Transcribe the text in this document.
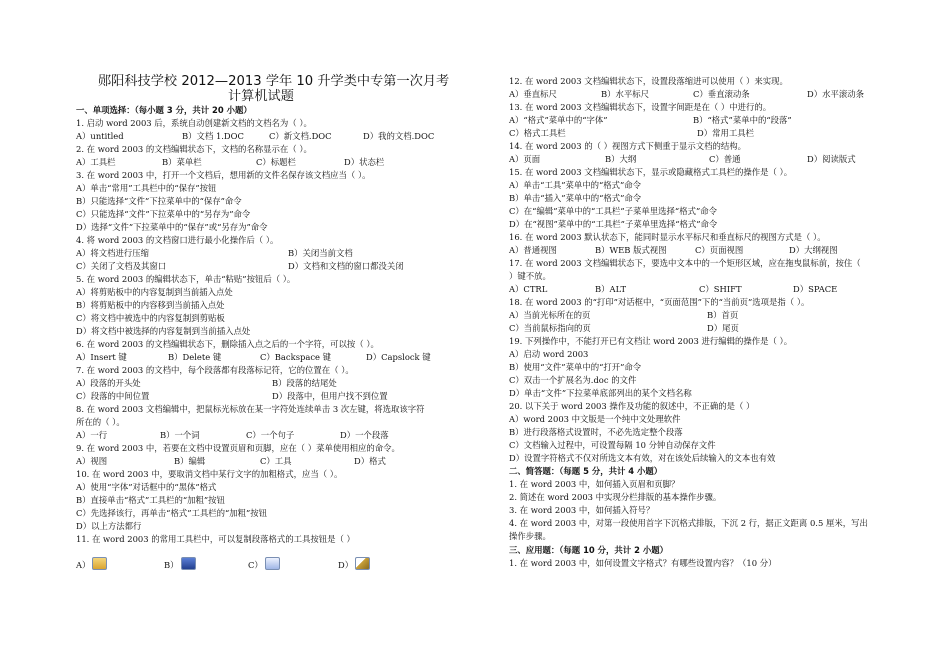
郧阳科技学校 2012—2013 学年 10 升学类中专第一次月考
计算机试题
一、单项选择：（每小题 3 分，共计 20 小题）
1. 启动 word 2003 后，系统自动创建新文档的文档名为（ ）。
A）untitled	B）文档 1.DOC	C）新文档.DOC	D）我的文档.DOC
2. 在 word 2003 的文档编辑状态下，文档的名称显示在（ ）。
A）工具栏	B）菜单栏	C）标题栏	D）状态栏
3. 在 word 2003 中，打开一个文档后，想用新的文件名保存该文档应当（ ）。
A）单击“常用”工具栏中的“保存”按钮
B）只能选择“文件”下拉菜单中的“保存”命令
C）只能选择“文件”下拉菜单中的“另存为”命令
D）选择“文件”下拉菜单中的“保存”或“另存为”命令
4. 将 word 2003 的文档窗口进行最小化操作后（ ）。
A）将文档进行压缩	B）关闭当前文档
C）关闭了文档及其窗口	D）文档和文档的窗口都没关闭
5. 在 word 2003 的编辑状态下，单击“粘贴”按钮后（ ）。
A）将剪贴板中的内容复制到当前插入点处
B）将剪贴板中的内容移到当前插入点处
C）将文档中被选中的内容复制到剪贴板
D）将文档中被选择的内容复制到当前插入点处
6. 在 word 2003 的文档编辑状态下，删除插入点之后的一个字符，可以按（ ）。
A）Insert 键	B）Delete 键	C）Backspace 键	D）Capslock 键
7. 在 word 2003 的文档中，每个段落都有段落标记符，它的位置在（ ）。
A）段落的开头处	B）段落的结尾处
C）段落的中间位置	D）段落中，但用户找不到位置
8. 在 word 2003 文档编辑中，把鼠标光标放在某一字符处连续单击 3 次左键，将选取该字符
所在的（ ）。
A）一行	B）一个词	C）一个句子	D）一个段落
9. 在 word 2003 中，若要在文档中设置页眉和页脚，应在（ ）菜单使用相应的命令。
A）视图	B）编辑	C）工具	D）格式
10. 在 word 2003 中，要取消文档中某行文字的加粗格式，应当（ ）。
A）使用“字体”对话框中的“黑体”格式
B）直接单击“格式”工具栏的“加粗”按钮
C）先选择该行，再单击“格式”工具栏的“加粗”按钮
D）以上方法都行
11. 在 word 2003 的常用工具栏中，可以复制段落格式的工具按钮是（ ）
A）	B）	C）	D）
12. 在 word 2003 文档编辑状态下，设置段落缩进可以使用（ ）来实现。
A）垂直标尺	B）水平标尺	C）垂直滚动条	D）水平滚动条
13. 在 word 2003 文档编辑状态下，设置字间距是在（ ）中进行的。
A）“格式”菜单中的“字体”	B）“格式”菜单中的“段落”
C）格式工具栏	D）常用工具栏
14. 在 word 2003 的（ ）视图方式下侧重于显示文档的结构。
A）页面	B）大纲	C）普通	D）阅读版式
15. 在 word 2003 文档编辑状态下，显示或隐藏格式工具栏的操作是（ ）。
A）单击“工具”菜单中的“格式”命令
B）单击“插入”菜单中的“格式”命令
C）在“编辑”菜单中的“工具栏”子菜单里选择“格式”命令
D）在“视图”菜单中的“工具栏”子菜单里选择“格式”命令
16. 在 word 2003 默认状态下，能同时显示水平标尺和垂直标尺的视图方式是（ ）。
A）普通视图	B）WEB 版式视图	C）页面视图	D）大纲视图
17. 在 word 2003 文档编辑状态下，要选中文本中的一个矩形区域，应在拖曳鼠标前，按住（
）键不放。
A）CTRL	B）ALT	C）SHIFT	D）SPACE
18. 在 word 2003 的“打印”对话框中，“页面范围”下的“当前页”选项是指（ ）。
A）当前光标所在的页	B）首页
C）当前鼠标指向的页	D）尾页
19. 下列操作中，不能打开已有文档让 word 2003 进行编辑的操作是（ ）。
A）启动 word 2003
B）使用“文件”菜单中的“打开”命令
C）双击一个扩展名为.doc 的文件
D）单击“文件”下拉菜单底部列出的某个文档名称
20. 以下关于 word 2003 操作及功能的叙述中，不正确的是（ ）
A）word 2003 中文版是一个纯中文处理软件
B）进行段落格式设置时，不必先选定整个段落
C）文档输入过程中，可设置每隔 10 分钟自动保存文件
D）设置字符格式不仅对所选文本有效，对在该处后续输入的文本也有效
二、简答题：（每题 5 分，共计 4 小题）
1. 在 word 2003 中，如何插入页眉和页脚？
2. 简述在 word 2003 中实现分栏排版的基本操作步骤。
3. 在 word 2003 中，如何插入符号？
4. 在 word 2003 中，对第一段使用首字下沉格式排版，下沉 2 行，据正文距离 0.5 厘米，写出
操作步骤。
三、应用题：（每题 10 分，共计 2 小题）
1. 在 word 2003 中，如何设置文字格式？有哪些设置内容？（10 分）
